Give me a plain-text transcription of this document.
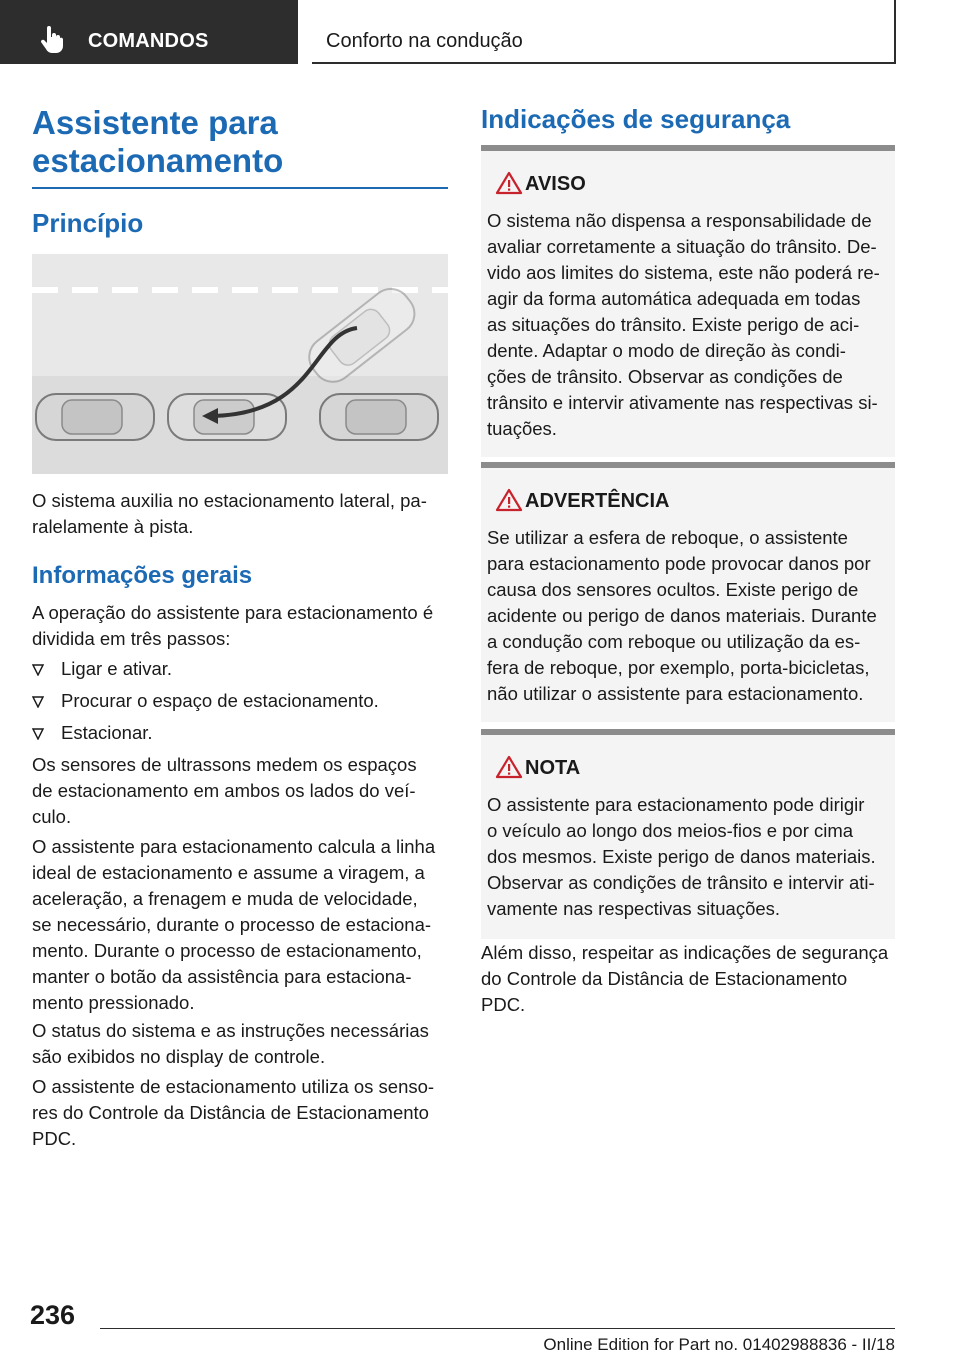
COMANDOS	Conforto na condução
Assistente para
estacionamento
Princípio

O sistema auxilia no estacionamento lateral, pa-
ralelamente à pista.

Informações gerais

A operação do assistente para estacionamento é
dividida em três passos:

Ligar e ativar.
Procurar o espaço de estacionamento.
Estacionar.

Os sensores de ultrassons medem os espaços
de estacionamento em ambos os lados do veí-
culo.

O assistente para estacionamento calcula a linha
ideal de estacionamento e assume a viragem, a
aceleração, a frenagem e muda de velocidade,
se necessário, durante o processo de estaciona-
mento. Durante o processo de estacionamento,
manter o botão da assistência para estaciona-
mento pressionado.

O status do sistema e as instruções necessárias
são exibidos no display de controle.

O assistente de estacionamento utiliza os senso-
res do Controle da Distância de Estacionamento
PDC.

Indicações de segurança
AVISO

O sistema não dispensa a responsabilidade de
avaliar corretamente a situação do trânsito. De-
vido aos limites do sistema, este não poderá re-
agir da forma automática adequada em todas
as situações do trânsito. Existe perigo de aci-
dente. Adaptar o modo de direção às condi-
ções de trânsito. Observar as condições de
trânsito e intervir ativamente nas respectivas si-
tuações.

ADVERTÊNCIA

Se utilizar a esfera de reboque, o assistente
para estacionamento pode provocar danos por
causa dos sensores ocultos. Existe perigo de
acidente ou perigo de danos materiais. Durante
a condução com reboque ou utilização da es-
fera de reboque, por exemplo, porta-bicicletas,
não utilizar o assistente para estacionamento.

NOTA

O assistente para estacionamento pode dirigir
o veículo ao longo dos meios-fios e por cima
dos mesmos. Existe perigo de danos materiais.
Observar as condições de trânsito e intervir ati-
vamente nas respectivas situações.

Além disso, respeitar as indicações de segurança
do Controle da Distância de Estacionamento
PDC.

236
Online Edition for Part no. 01402988836 - II/18
